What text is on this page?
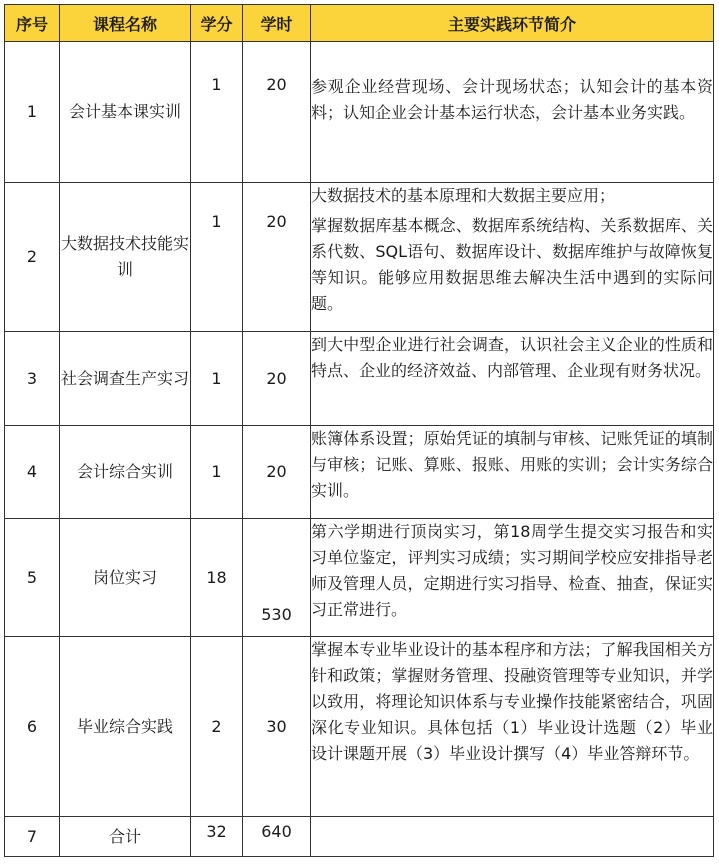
序号	课程名称	学分	学时	主要实践环节简介
1	会计基本课实训	1	20	参观企业经营现场、会计现场状态；认知会计的基本资料；认知企业会计基本运行状态，会计基本业务实践。

2	大数据技术技能实训	1	20	大数据技术的基本原理和大数据主要应用；

掌握数据库基本概念、数据库系统结构、关系数据库、关系代数、SQL语句、数据库设计、数据库维护与故障恢复等知识。能够应用数据思维去解决生活中遇到的实际问题。

3	社会调查生产实习	1	20	到大中型企业进行社会调查，认识社会主义企业的性质和特点、企业的经济效益、内部管理、企业现有财务状况。

4	会计综合实训	1	20	账簿体系设置；原始凭证的填制与审核、记账凭证的填制与审核；记账、算账、报账、用账的实训；会计实务综合实训。

5	岗位实习	18	530	第六学期进行顶岗实习，第18周学生提交实习报告和实习单位鉴定，评判实习成绩；实习期间学校应安排指导老师及管理人员，定期进行实习指导、检查、抽查，保证实习正常进行。

6	毕业综合实践	2	30	掌握本专业毕业设计的基本程序和方法；了解我国相关方针和政策；掌握财务管理、投融资管理等专业知识，并学以致用，将理论知识体系与专业操作技能紧密结合，巩固深化专业知识。具体包括（1）毕业设计选题（2）毕业设计课题开展（3）毕业设计撰写（4）毕业答辩环节。

7	合计	32	640	
